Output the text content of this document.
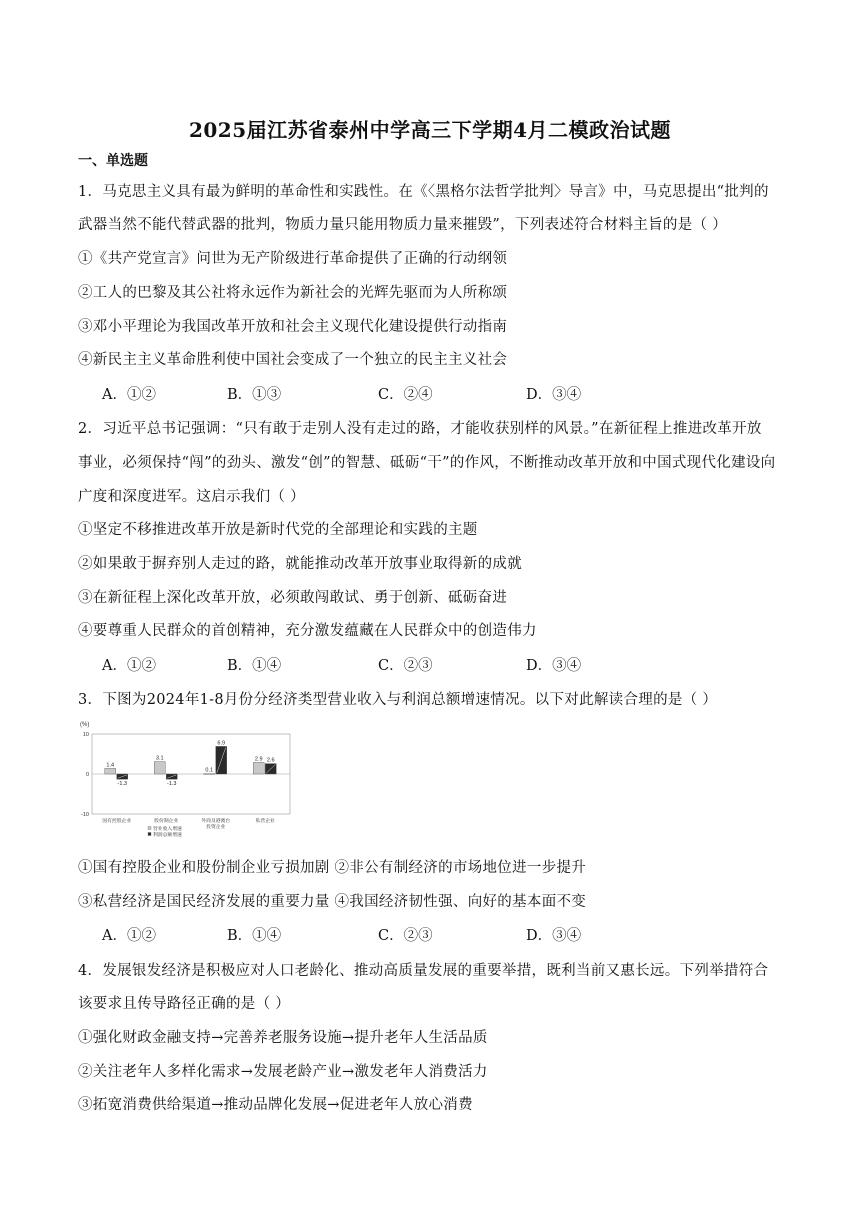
2025届江苏省泰州中学高三下学期4月二模政治试题
一、单选题
1．马克思主义具有最为鲜明的革命性和实践性。在《〈黑格尔法哲学批判〉导言》中，马克思提出“批判的
武器当然不能代替武器的批判，物质力量只能用物质力量来摧毁”，下列表述符合材料主旨的是（ ）
①《共产党宣言》问世为无产阶级进行革命提供了正确的行动纲领
②工人的巴黎及其公社将永远作为新社会的光辉先驱而为人所称颂
③邓小平理论为我国改革开放和社会主义现代化建设提供行动指南
④新民主主义革命胜利使中国社会变成了一个独立的民主主义社会
A．①②	B．①③	C．②④	D．③④
2．习近平总书记强调：“只有敢于走别人没有走过的路，才能收获别样的风景。”在新征程上推进改革开放
事业，必须保持“闯”的劲头、激发“创”的智慧、砥砺“干”的作风，不断推动改革开放和中国式现代化建设向
广度和深度进军。这启示我们（ ）
①坚定不移推进改革开放是新时代党的全部理论和实践的主题
②如果敢于摒弃别人走过的路，就能推动改革开放事业取得新的成就
③在新征程上深化改革开放，必须敢闯敢试、勇于创新、砥砺奋进
④要尊重人民群众的首创精神，充分激发蕴藏在人民群众中的创造伟力
A．①②	B．①④	C．②③	D．③④
3．下图为2024年1-8月份分经济类型营业收入与利润总额增速情况。以下对此解读合理的是（ ）
(%)
10
0
-10
1.4
-1.3
国有控股企业
3.1
-1.3
股份制企业
0.1
6.9
外商及港澳台
投资企业
2.9 2.6
私营企业
营业收入增速
利润总额增速
①国有控股企业和股份制企业亏损加剧 ②非公有制经济的市场地位进一步提升
③私营经济是国民经济发展的重要力量 ④我国经济韧性强、向好的基本面不变
A．①②	B．①④	C．②③	D．③④
4．发展银发经济是积极应对人口老龄化、推动高质量发展的重要举措，既利当前又惠长远。下列举措符合
该要求且传导路径正确的是（ ）
①强化财政金融支持→完善养老服务设施→提升老年人生活品质
②关注老年人多样化需求→发展老龄产业→激发老年人消费活力
③拓宽消费供给渠道→推动品牌化发展→促进老年人放心消费
